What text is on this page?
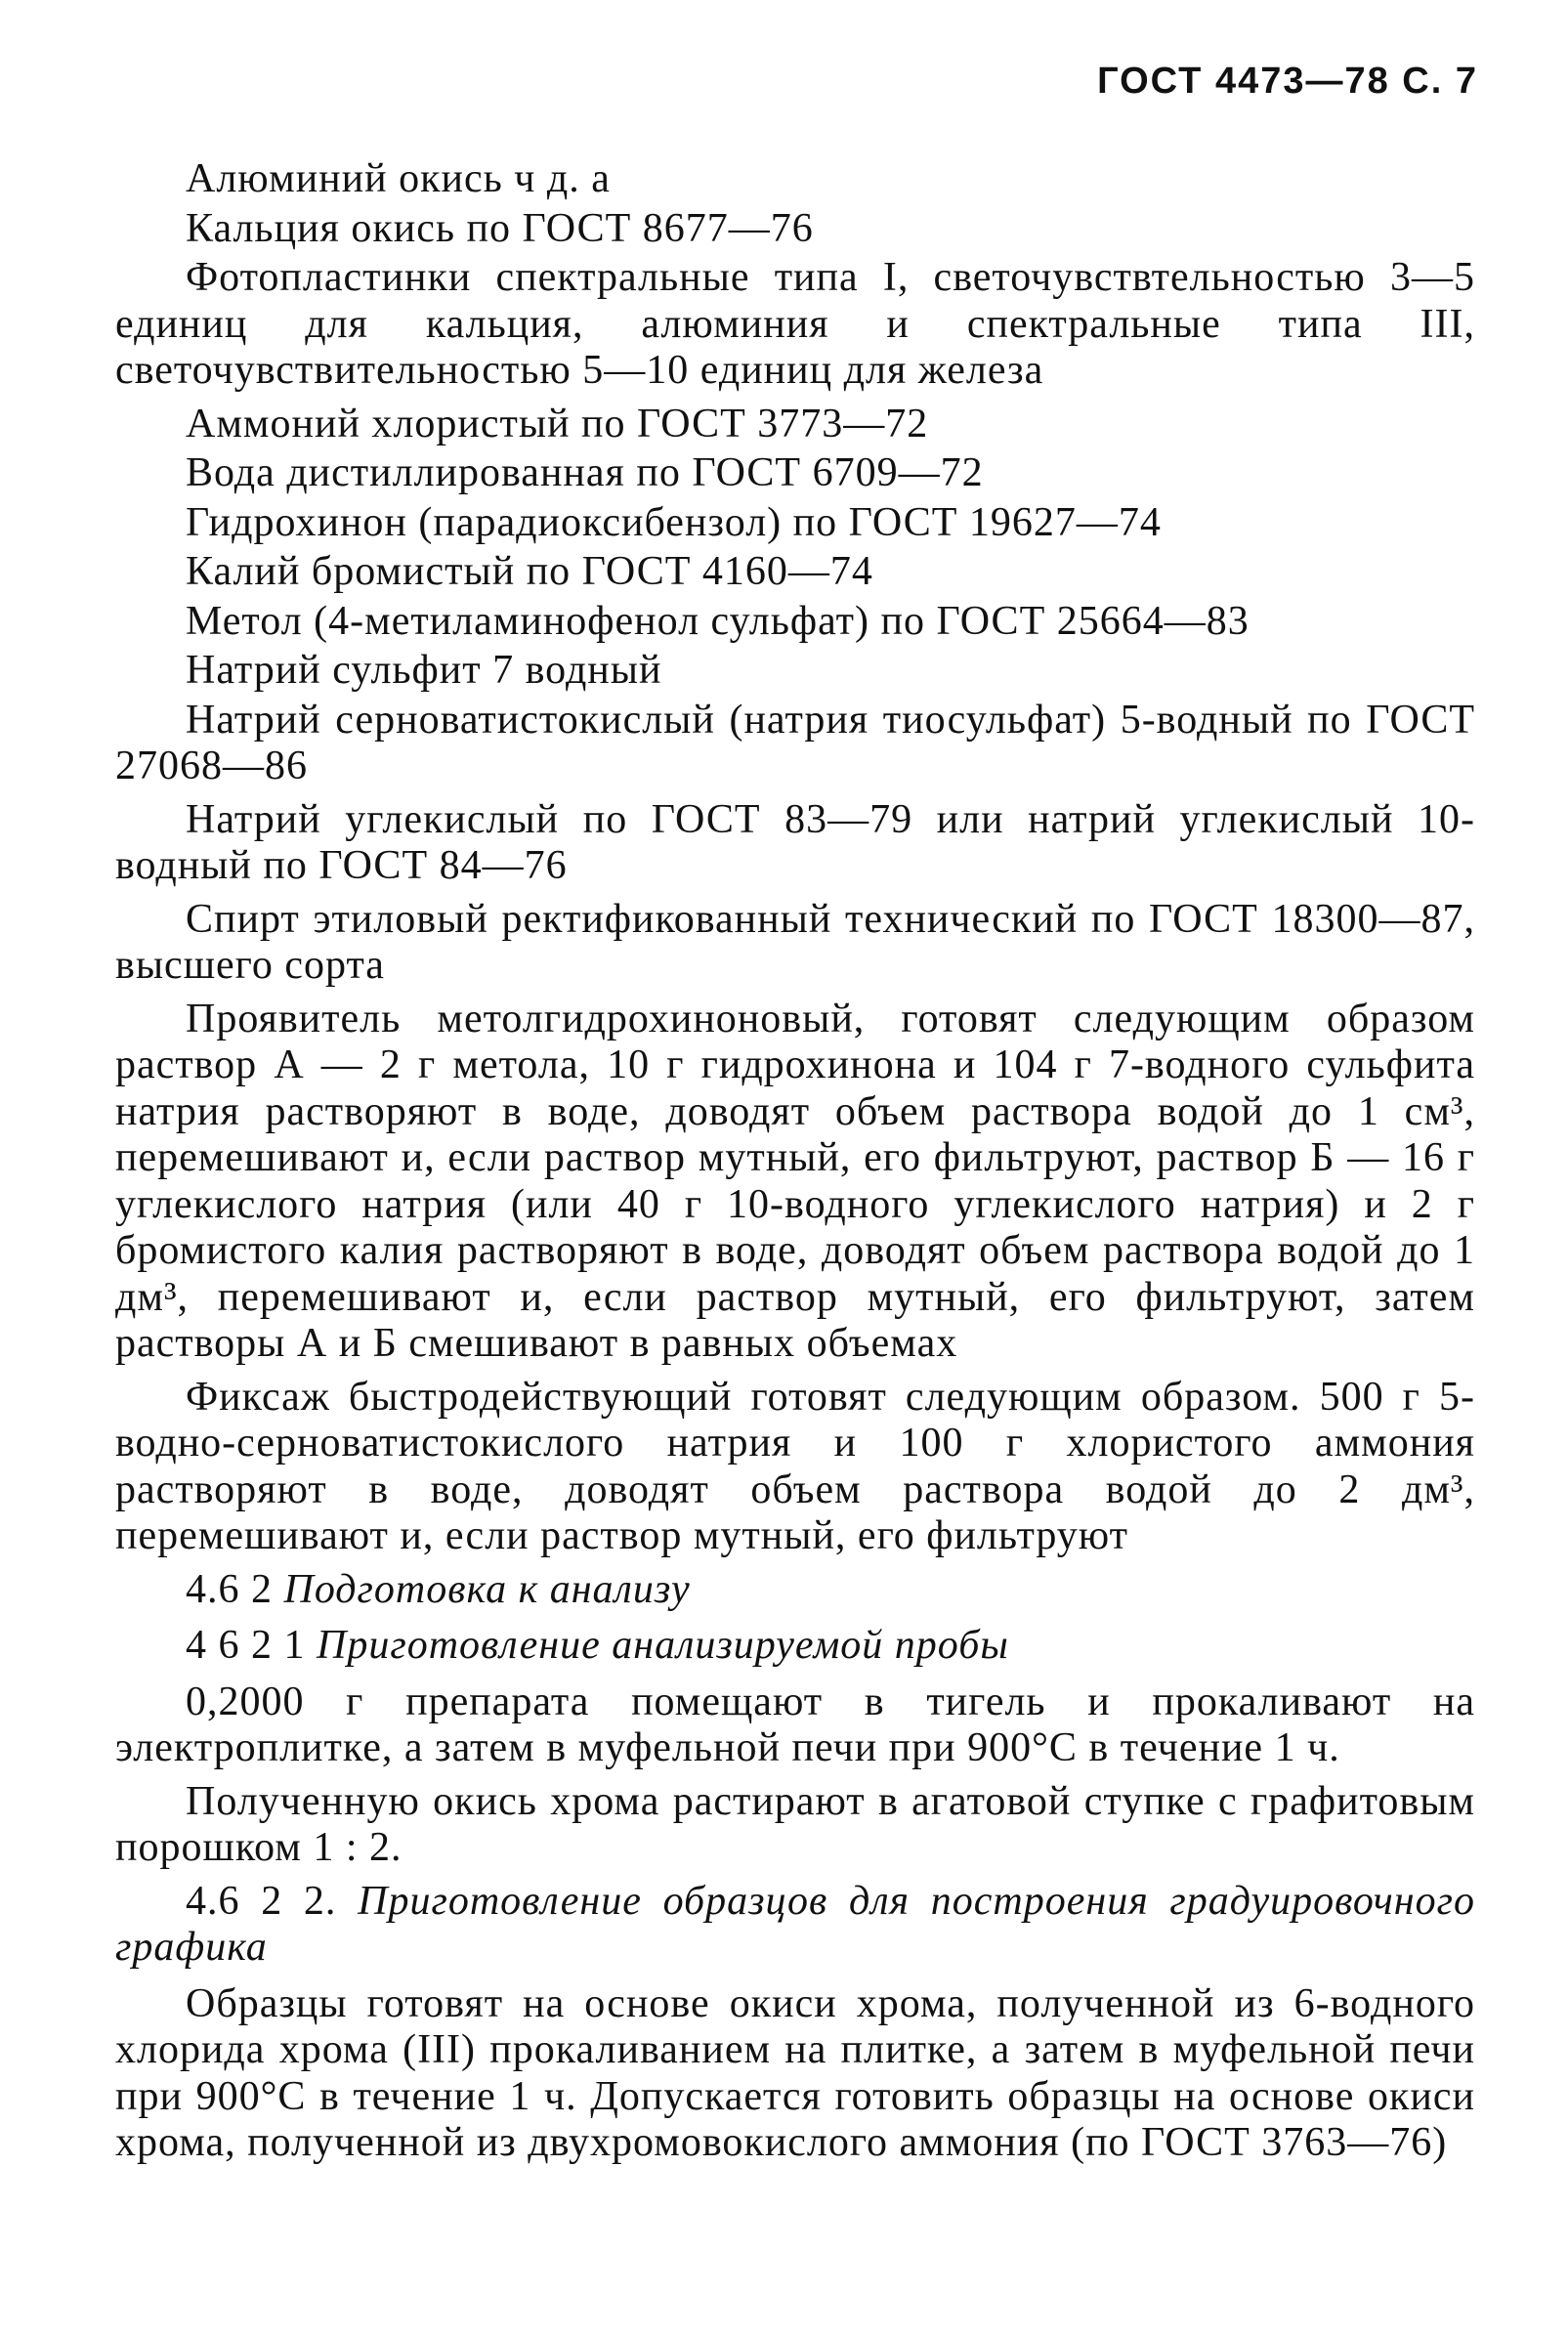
ГОСТ 4473—78 С. 7

Алюминий окись ч д. а

Кальция окись по ГОСТ 8677—76

Фотопластинки спектральные типа I, светочувствтельностью 3—5 единиц для кальция, алюминия и спектральные типа III, светочувствительностью 5—10 единиц для железа

Аммоний хлористый по ГОСТ 3773—72

Вода дистиллированная по ГОСТ 6709—72

Гидрохинон (парадиоксибензол) по ГОСТ 19627—74

Калий бромистый по ГОСТ 4160—74

Метол (4-метиламинофенол сульфат) по ГОСТ 25664—83

Натрий сульфит 7 водный

Натрий серноватистокислый (натрия тиосульфат) 5-водный по ГОСТ 27068—86

Натрий углекислый по ГОСТ 83—79 или натрий углекислый 10-водный по ГОСТ 84—76

Спирт этиловый ректификованный технический по ГОСТ 18300—87, высшего сорта

Проявитель метолгидрохиноновый, готовят следующим образом раствор А — 2 г метола, 10 г гидрохинона и 104 г 7-водного сульфита натрия растворяют в воде, доводят объем раствора водой до 1 см³, перемешивают и, если раствор мутный, его фильтруют, раствор Б — 16 г углекислого натрия (или 40 г 10-водного углекислого натрия) и 2 г бромистого калия растворяют в воде, доводят объем раствора водой до 1 дм³, перемешивают и, если раствор мутный, его фильтруют, затем растворы А и Б смешивают в равных объемах

Фиксаж быстродействующий готовят следующим образом. 500 г 5-водно-серноватистокислого натрия и 100 г хлористого аммония растворяют в воде, доводят объем раствора водой до 2 дм³, перемешивают и, если раствор мутный, его фильтруют

4.6 2 Подготовка к анализу

4 6 2 1 Приготовление анализируемой пробы

0,2000 г препарата помещают в тигель и прокаливают на электроплитке, а затем в муфельной печи при 900°С в течение 1 ч.

Полученную окись хрома растирают в агатовой ступке с графитовым порошком 1 : 2.

4.6 2 2. Приготовление образцов для построения градуировочного графика

Образцы готовят на основе окиси хрома, полученной из 6-водного хлорида хрома (III) прокаливанием на плитке, а затем в муфельной печи при 900°С в течение 1 ч. Допускается готовить образцы на основе окиси хрома, полученной из двухромовокислого аммония (по ГОСТ 3763—76)
